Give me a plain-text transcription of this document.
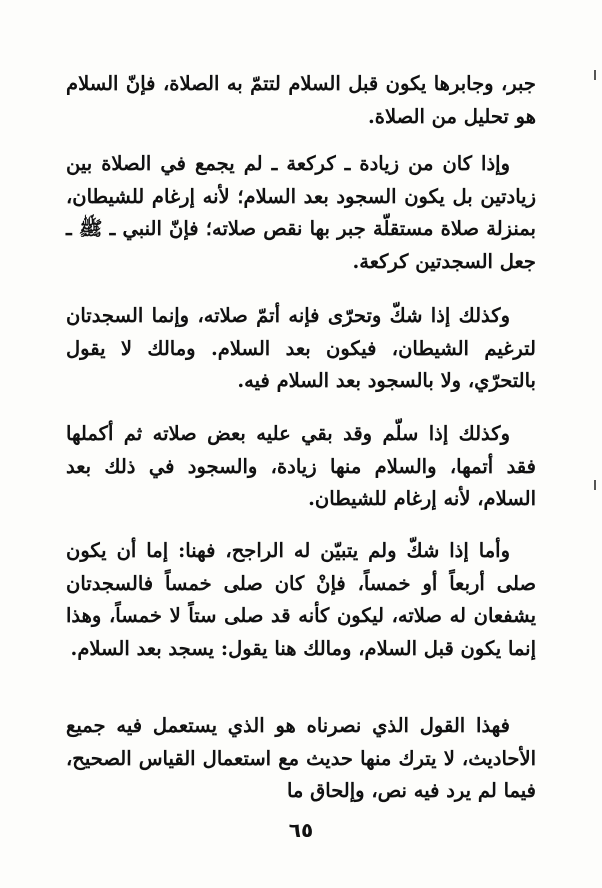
جبر، وجابرها يكون قبل السلام لتتمّ به الصلاة، فإنّ السلام هو تحليل من الصلاة.

وإذا كان من زيادة ـ كركعة ـ لم يجمع في الصلاة بين زيادتين بل يكون السجود بعد السلام؛ لأنه إرغام للشيطان، بمنزلة صلاة مستقلّة جبر بها نقص صلاته؛ فإنّ النبي ـ ﷺ ـ جعل السجدتين كركعة.

وكذلك إذا شكّ وتحرّى فإنه أتمّ صلاته، وإنما السجدتان لترغيم الشيطان، فيكون بعد السلام. ومالك لا يقول بالتحرّي، ولا بالسجود بعد السلام فيه.

وكذلك إذا سلّم وقد بقي عليه بعض صلاته ثم أكملها فقد أتمها، والسلام منها زيادة، والسجود في ذلك بعد السلام، لأنه إرغام للشيطان.

وأما إذا شكّ ولم يتبيّن له الراجح، فهنا: إما أن يكون صلى أربعاً أو خمساً، فإنْ كان صلى خمساً فالسجدتان يشفعان له صلاته، ليكون كأنه قد صلى ستاً لا خمساً، وهذا إنما يكون قبل السلام، ومالك هنا يقول: يسجد بعد السلام.

فهذا القول الذي نصرناه هو الذي يستعمل فيه جميع الأحاديث، لا يترك منها حديث مع استعمال القياس الصحيح، فيما لم يرد فيه نص، وإلحاق ما

٦٥
